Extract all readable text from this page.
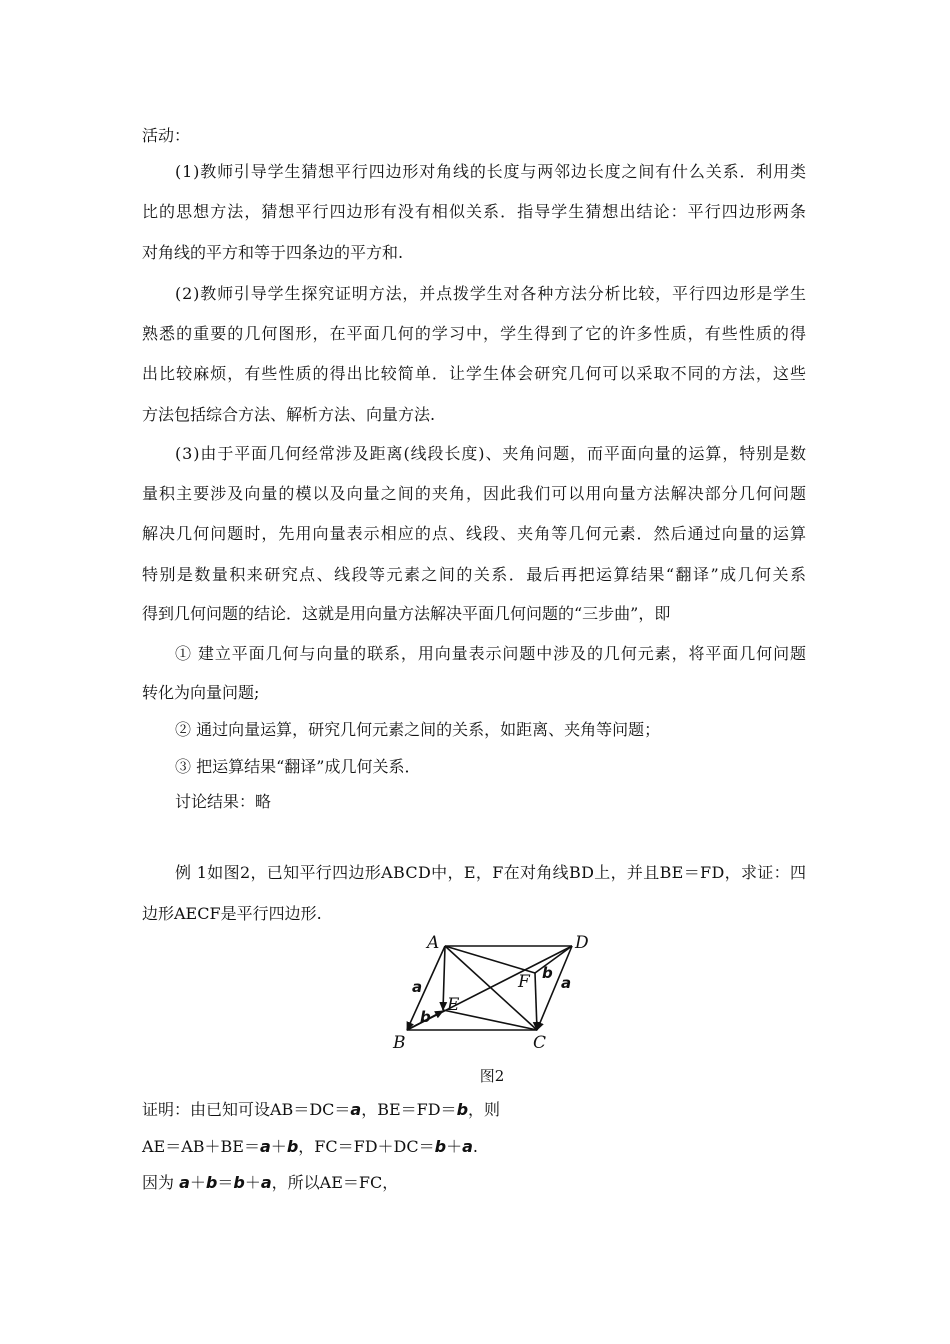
活动：
(1)教师引导学生猜想平行四边形对角线的长度与两邻边长度之间有什么关系．利用类
比的思想方法，猜想平行四边形有没有相似关系．指导学生猜想出结论：平行四边形两条
对角线的平方和等于四条边的平方和.
(2)教师引导学生探究证明方法，并点拨学生对各种方法分析比较，平行四边形是学生
熟悉的重要的几何图形，在平面几何的学习中，学生得到了它的许多性质，有些性质的得
出比较麻烦，有些性质的得出比较简单．让学生体会研究几何可以采取不同的方法，这些
方法包括综合方法、解析方法、向量方法.
(3)由于平面几何经常涉及距离(线段长度)、夹角问题，而平面向量的运算，特别是数
量积主要涉及向量的模以及向量之间的夹角，因此我们可以用向量方法解决部分几何问题
解决几何问题时，先用向量表示相应的点、线段、夹角等几何元素．然后通过向量的运算
特别是数量积来研究点、线段等元素之间的关系．最后再把运算结果“翻译”成几何关系
得到几何问题的结论．这就是用向量方法解决平面几何问题的“三步曲”，即
① 建立平面几何与向量的联系，用向量表示问题中涉及的几何元素，将平面几何问题
转化为向量问题;
② 通过向量运算，研究几何元素之间的关系，如距离、夹角等问题；
③ 把运算结果“翻译”成几何关系．
讨论结果：略
例 1如图2，已知平行四边形ABCD中，E，F在对角线BD上，并且BE＝FD，求证：四
边形AECF是平行四边形.
A	D
B	C
E
F
a	a
b
b
图2
证明：由已知可设AB＝DC＝a，BE＝FD＝b，则
AE＝AB＋BE＝a＋b，FC＝FD＋DC＝b＋a.
因为 a＋b＝b＋a，所以AE＝FC，
